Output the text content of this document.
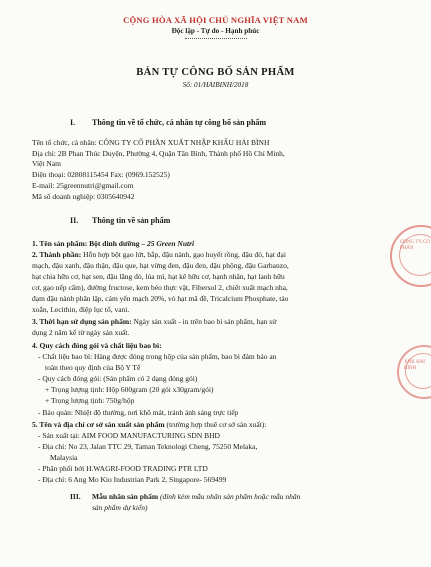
CỘNG HÒA XÃ HỘI CHỦ NGHĨA VIỆT NAM
Độc lập - Tự do - Hạnh phúc
BẢN TỰ CÔNG BỐ SẢN PHẨM
Số: 01/HAIBINH/2018
I. Thông tin về tổ chức, cá nhân tự công bố sản phẩm
Tên tổ chức, cá nhân: CÔNG TY CỔ PHẦN XUẤT NHẬP KHẨU HẢI BÌNH
Địa chỉ: 2B Phan Thúc Duyện, Phường 4, Quận Tân Bình, Thành phố Hồ Chí Minh,
Việt Nam
Điện thoại: 02808115454 Fax: (0969.152525)
E-mail: 25greennutri@gmail.com
Mã số doanh nghiệp: 0305640942
II. Thông tin về sản phẩm
1. Tên sản phẩm: Bột dinh dưỡng – 25 Green Nutri
2. Thành phần: Hỗn hợp bột gạo lứt, bắp, đậu nành, gạo huyết rồng, đậu đỏ, hạt đại
mạch, đậu xanh, đậu thận, đậu que, hạt vừng đen, đậu đen, đậu phộng, đậu Garbanzo,
hạt chia hữu cơ, hạt sen, đậu lăng đỏ, lúa mì, hạt kê hữu cơ, hạnh nhân, hạt lanh hữu
cơ, gạo nếp cẩm), đường fructose, kem béo thực vật, Fibersol 2, chiết xuất mạch nha,
đạm đậu nành phân lập, cám yến mạch 20%, vỏ hạt mã đề, Tricalcium Phosphate, tảo
xoắn, Lecithin, điệp lục tố, vani.
3. Thời hạn sử dụng sản phẩm: Ngày sản xuất - in trên bao bì sản phẩm, hạn sử
dụng 2 năm kể từ ngày sản xuất.
4. Quy cách đóng gói và chất liệu bao bì:
- Chất liệu bao bì: Hàng được đóng trong hộp của sản phẩm, bao bì đảm bảo an
toàn theo quy định của Bộ Y Tế
- Quy cách đóng gói: (Sản phẩm có 2 dạng đóng gói)
+ Trọng lượng tịnh: Hộp 600gram (20 gói x30gram/gói)
+ Trọng lượng tịnh: 750g/hộp
- Bảo quản: Nhiệt độ thường, nơi khô mát, tránh ánh sáng trực tiếp
5. Tên và địa chỉ cơ sở sản xuất sản phẩm (trường hợp thuê cơ sở sản xuất):
- Sản xuất tại: AIM FOOD MANUFACTURING SDN BHD
- Địa chỉ: No 23, Jalan TTC 29, Taman Teknologi Cheng, 75250 Melaka,
Malaysia
- Phân phối bởi H.WAGRI-FOOD TRADING PTR LTD
- Địa chỉ: 6 Ang Mo Kio Industrian Park 2, Singapore- 569499
III. Mẫu nhãn sản phẩm (đính kèm mẫu nhãn sản phẩm hoặc mẫu nhãn
sản phẩm dự kiến)
CÔNG TY CỔ PHẦN
XNK HẢI BÌNH
